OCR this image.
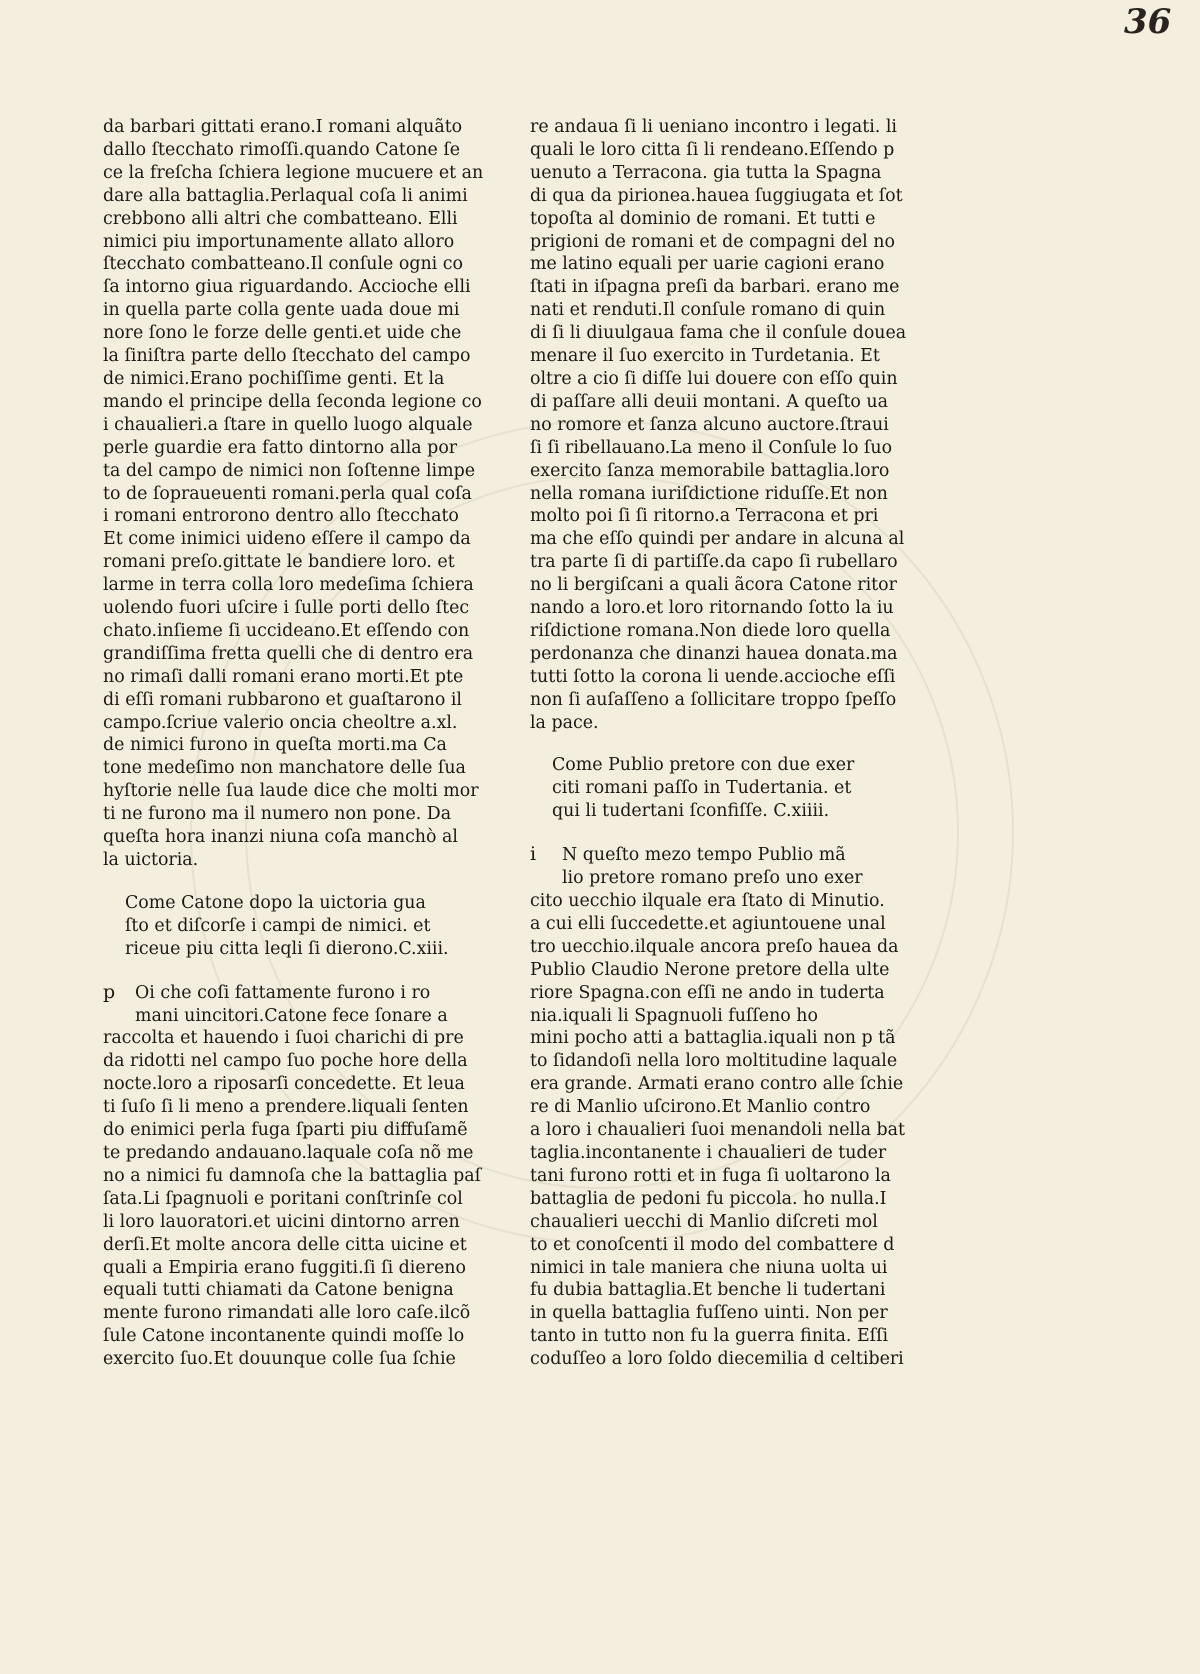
36

da barbari gittati erano.I romani alquãto
dallo ſtecchato rimoſſi.quando Catone ſe
ce la freſcha ſchiera legione mucuere et an
dare alla battaglia.Perlaqual coſa li animi
crebbono alli altri che combatteano. Elli
nimici piu importunamente allato alloro
ſtecchato combatteano.Il conſule ogni co
ſa intorno giua riguardando. Accioche elli
in quella parte colla gente uada doue mi
nore ſono le forze delle genti.et uide che
la ſiniſtra parte dello ſtecchato del campo
de nimici.Erano pochiſſime genti. Et la
mando el principe della ſeconda legione co
i chaualieri.a ſtare in quello luogo alquale
perle guardie era fatto dintorno alla por
ta del campo de nimici non ſoſtenne limpe
to de ſopraueuenti romani.perla qual coſa
i romani entrorono dentro allo ſtecchato
Et come inimici uideno eſſere il campo da
romani preſo.gittate le bandiere loro. et
larme in terra colla loro medeſima ſchiera
uolendo fuori uſcire i ſulle porti dello ſtec
chato.inſieme ſi uccideano.Et eſſendo con
grandiſſima fretta quelli che di dentro era
no rimaſi dalli romani erano morti.Et pte
di eſſi romani rubbarono et guaſtarono il
campo.ſcriue valerio oncia cheoltre a.xl.
de nimici furono in queſta morti.ma Ca
tone medeſimo non manchatore delle ſua
hyſtorie nelle ſua laude dice che molti mor
ti ne furono ma il numero non pone. Da
queſta hora inanzi niuna coſa manchò al
la uictoria.
Come Catone dopo la uictoria gua
ſto et diſcorſe i campi de nimici. et
riceue piu citta leqli ſi dierono.C.xiii.
p Oi che coſi fattamente furono i ro
mani uincitori.Catone fece ſonare a
raccolta et hauendo i ſuoi charichi di pre
da ridotti nel campo ſuo poche hore della
nocte.loro a riposarſi concedette. Et leua
ti ſuſo ſi li meno a prendere.liquali ſenten
do enimici perla fuga ſparti piu diffuſamẽ
te predando andauano.laquale coſa nõ me
no a nimici fu damnoſa che la battaglia paſ
ſata.Li ſpagnuoli e poritani conſtrinſe col
li loro lauoratori.et uicini dintorno arren
derſi.Et molte ancora delle citta uicine et
quali a Empiria erano fuggiti.ſi ſi diereno
equali tutti chiamati da Catone benigna
mente furono rimandati alle loro caſe.ilcõ
ſule Catone incontanente quindi moſſe lo
exercito ſuo.Et douunque colle ſua ſchie
re andaua ſi li ueniano incontro i legati. li
quali le loro citta ſi li rendeano.Eſſendo p
uenuto a Terracona. gia tutta la Spagna
di qua da pirionea.hauea ſuggiugata et ſot
topoſta al dominio de romani. Et tutti e
prigioni de romani et de compagni del no
me latino equali per uarie cagioni erano
ſtati in iſpagna preſi da barbari. erano me
nati et renduti.Il conſule romano di quin
di ſi li diuulgaua fama che il conſule douea
menare il ſuo exercito in Turdetania. Et
oltre a cio ſi diſſe lui douere con eſſo quin
di paſſare alli deuii montani. A queſto ua
no romore et ſanza alcuno auctore.ſtraui
ſi ſi ribellauano.La meno il Conſule lo ſuo
exercito ſanza memorabile battaglia.loro
nella romana iuriſdictione riduſſe.Et non
molto poi ſi ſi ritorno.a Terracona et pri
ma che eſſo quindi per andare in alcuna al
tra parte ſi di partiſſe.da capo ſi rubellaro
no li bergiſcani a quali ãcora Catone ritor
nando a loro.et loro ritornando ſotto la iu
riſdictione romana.Non diede loro quella
perdonanza che dinanzi hauea donata.ma
tutti ſotto la corona li uende.accioche eſſi
non ſi auſaſſeno a ſollicitare troppo ſpeſſo
la pace.
Come Publio pretore con due exer
citi romani paſſo in Tudertania. et
qui li tudertani ſconfiſſe. C.xiiii.
i N queſto mezo tempo Publio mã
lio pretore romano preſo uno exer
cito uecchio ilquale era ſtato di Minutio.
a cui elli ſuccedette.et agiuntouene unal
tro uecchio.ilquale ancora preſo hauea da
Publio Claudio Nerone pretore della ulte
riore Spagna.con eſſi ne ando in tuderta
nia.iquali li Spagnuoli fuſſeno ho
mini pocho atti a battaglia.iquali non p tã
to ſidandoſi nella loro moltitudine laquale
era grande. Armati erano contro alle ſchie
re di Manlio uſcirono.Et Manlio contro
a loro i chaualieri ſuoi menandoli nella bat
taglia.incontanente i chaualieri de tuder
tani furono rotti et in fuga ſi uoltarono la
battaglia de pedoni fu piccola. ho nulla.I
chaualieri uecchi di Manlio diſcreti mol
to et conoſcenti il modo del combattere d
nimici in tale maniera che niuna uolta ui
fu dubia battaglia.Et benche li tudertani
in quella battaglia fuſſeno uinti. Non per
tanto in tutto non fu la guerra finita. Eſſi
coduſſeo a loro ſoldo diecemilia d celtiberi
